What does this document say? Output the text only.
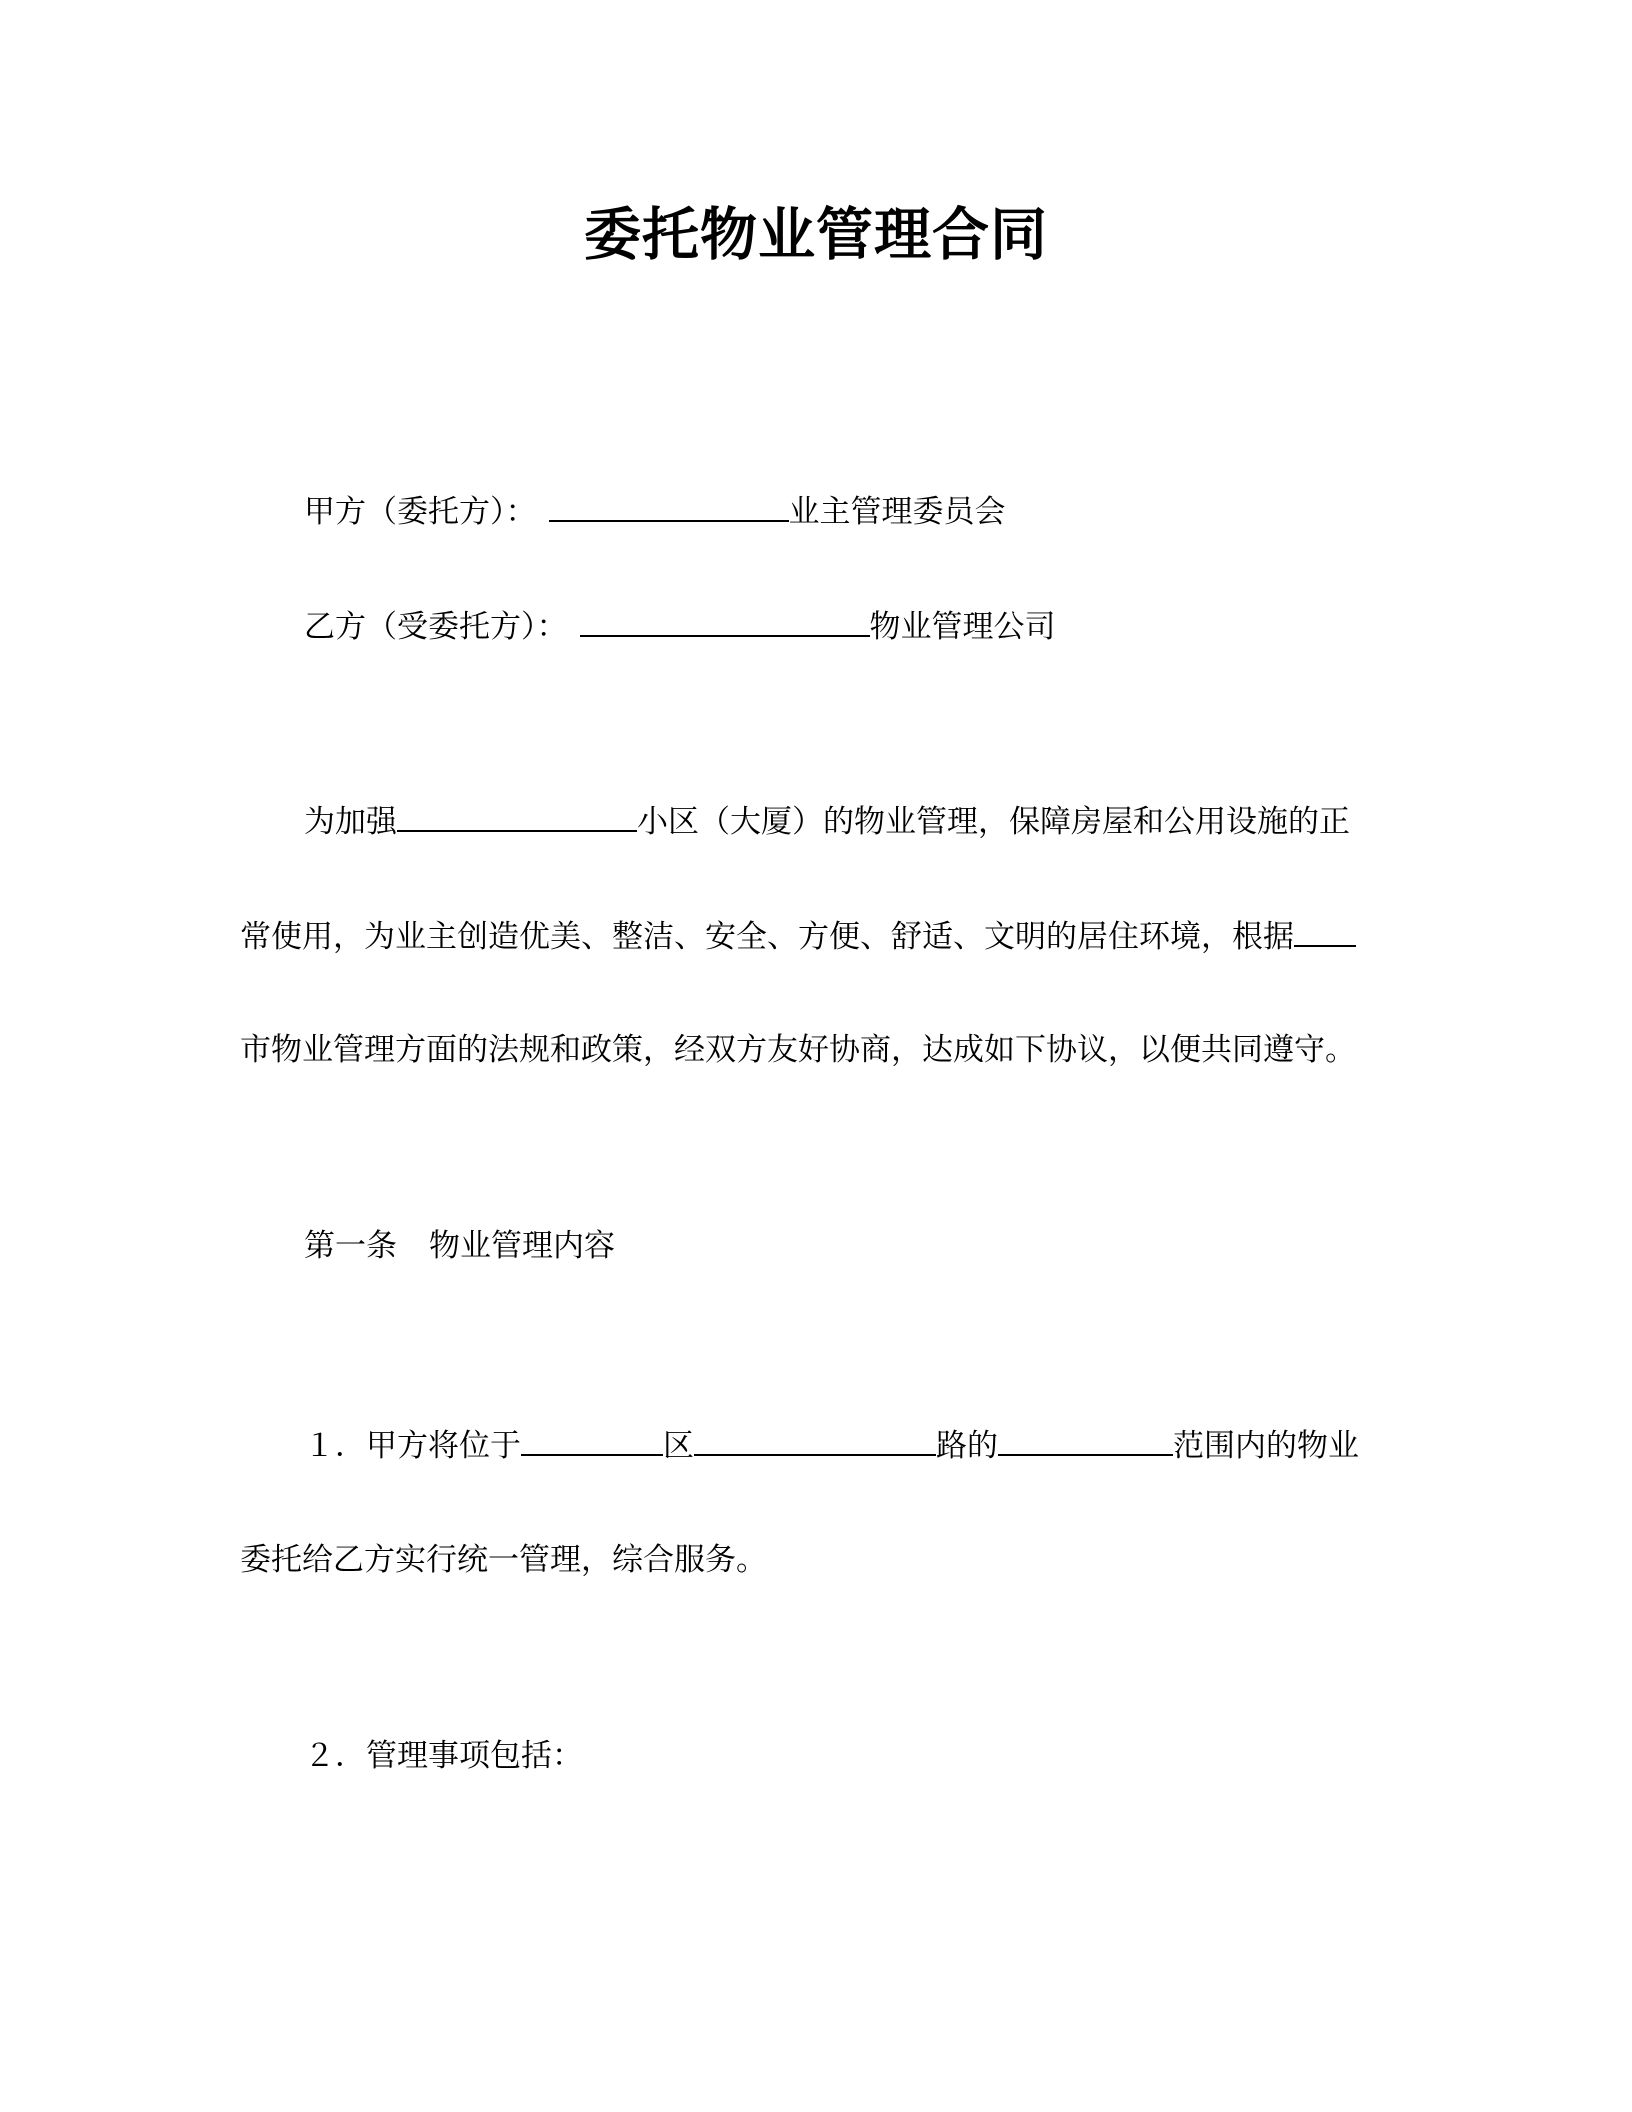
委托物业管理合同
甲方（委托方）：	业主管理委员会
乙方（受委托方）：	物业管理公司
为加强	小区（大厦）的物业管理，保障房屋和公用设施的正
常使用，为业主创造优美、整洁、安全、方便、舒适、文明的居住环境，根据
市物业管理方面的法规和政策，经双方友好协商，达成如下协议，以便共同遵守。
第一条 物业管理内容
１．甲方将位于	区	路的	范围内的物业
委托给乙方实行统一管理，综合服务。
２．管理事项包括：
